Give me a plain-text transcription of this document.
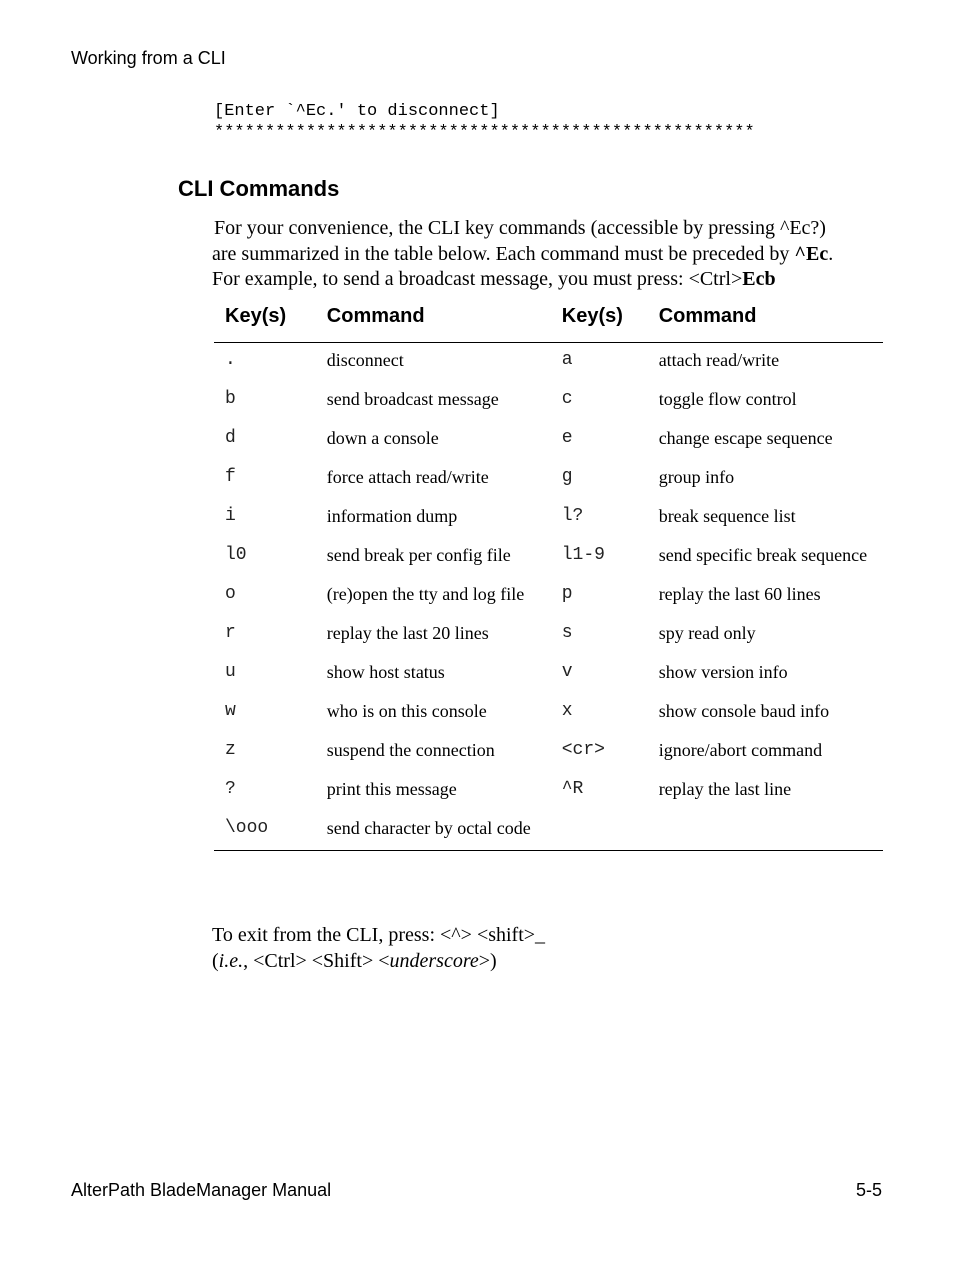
Working from a CLI
[Enter `^Ec.' to disconnect]
*****************************************************
CLI Commands
For your convenience, the CLI key commands (accessible by pressing ^Ec?)
are summarized in the table below. Each command must be preceded by ^Ec.
For example, to send a broadcast message, you must press: <Ctrl>Ecb
Key(s)	Command	Key(s)	Command
.	disconnect	a	attach read/write
b	send broadcast message	c	toggle flow control
d	down a console	e	change escape sequence
f	force attach read/write	g	group info
i	information dump	l?	break sequence list
l0	send break per config file	l1-9	send specific break sequence
o	(re)open the tty and log file	p	replay the last 60 lines
r	replay the last 20 lines	s	spy read only
u	show host status	v	show version info
w	who is on this console	x	show console baud info
z	suspend the connection	<cr>	ignore/abort command
?	print this message	^R	replay the last line
\ooo	send character by octal code		
To exit from the CLI, press: <^> <shift>_
(i.e., <Ctrl> <Shift> <underscore>)
AlterPath BladeManager Manual	5-5
